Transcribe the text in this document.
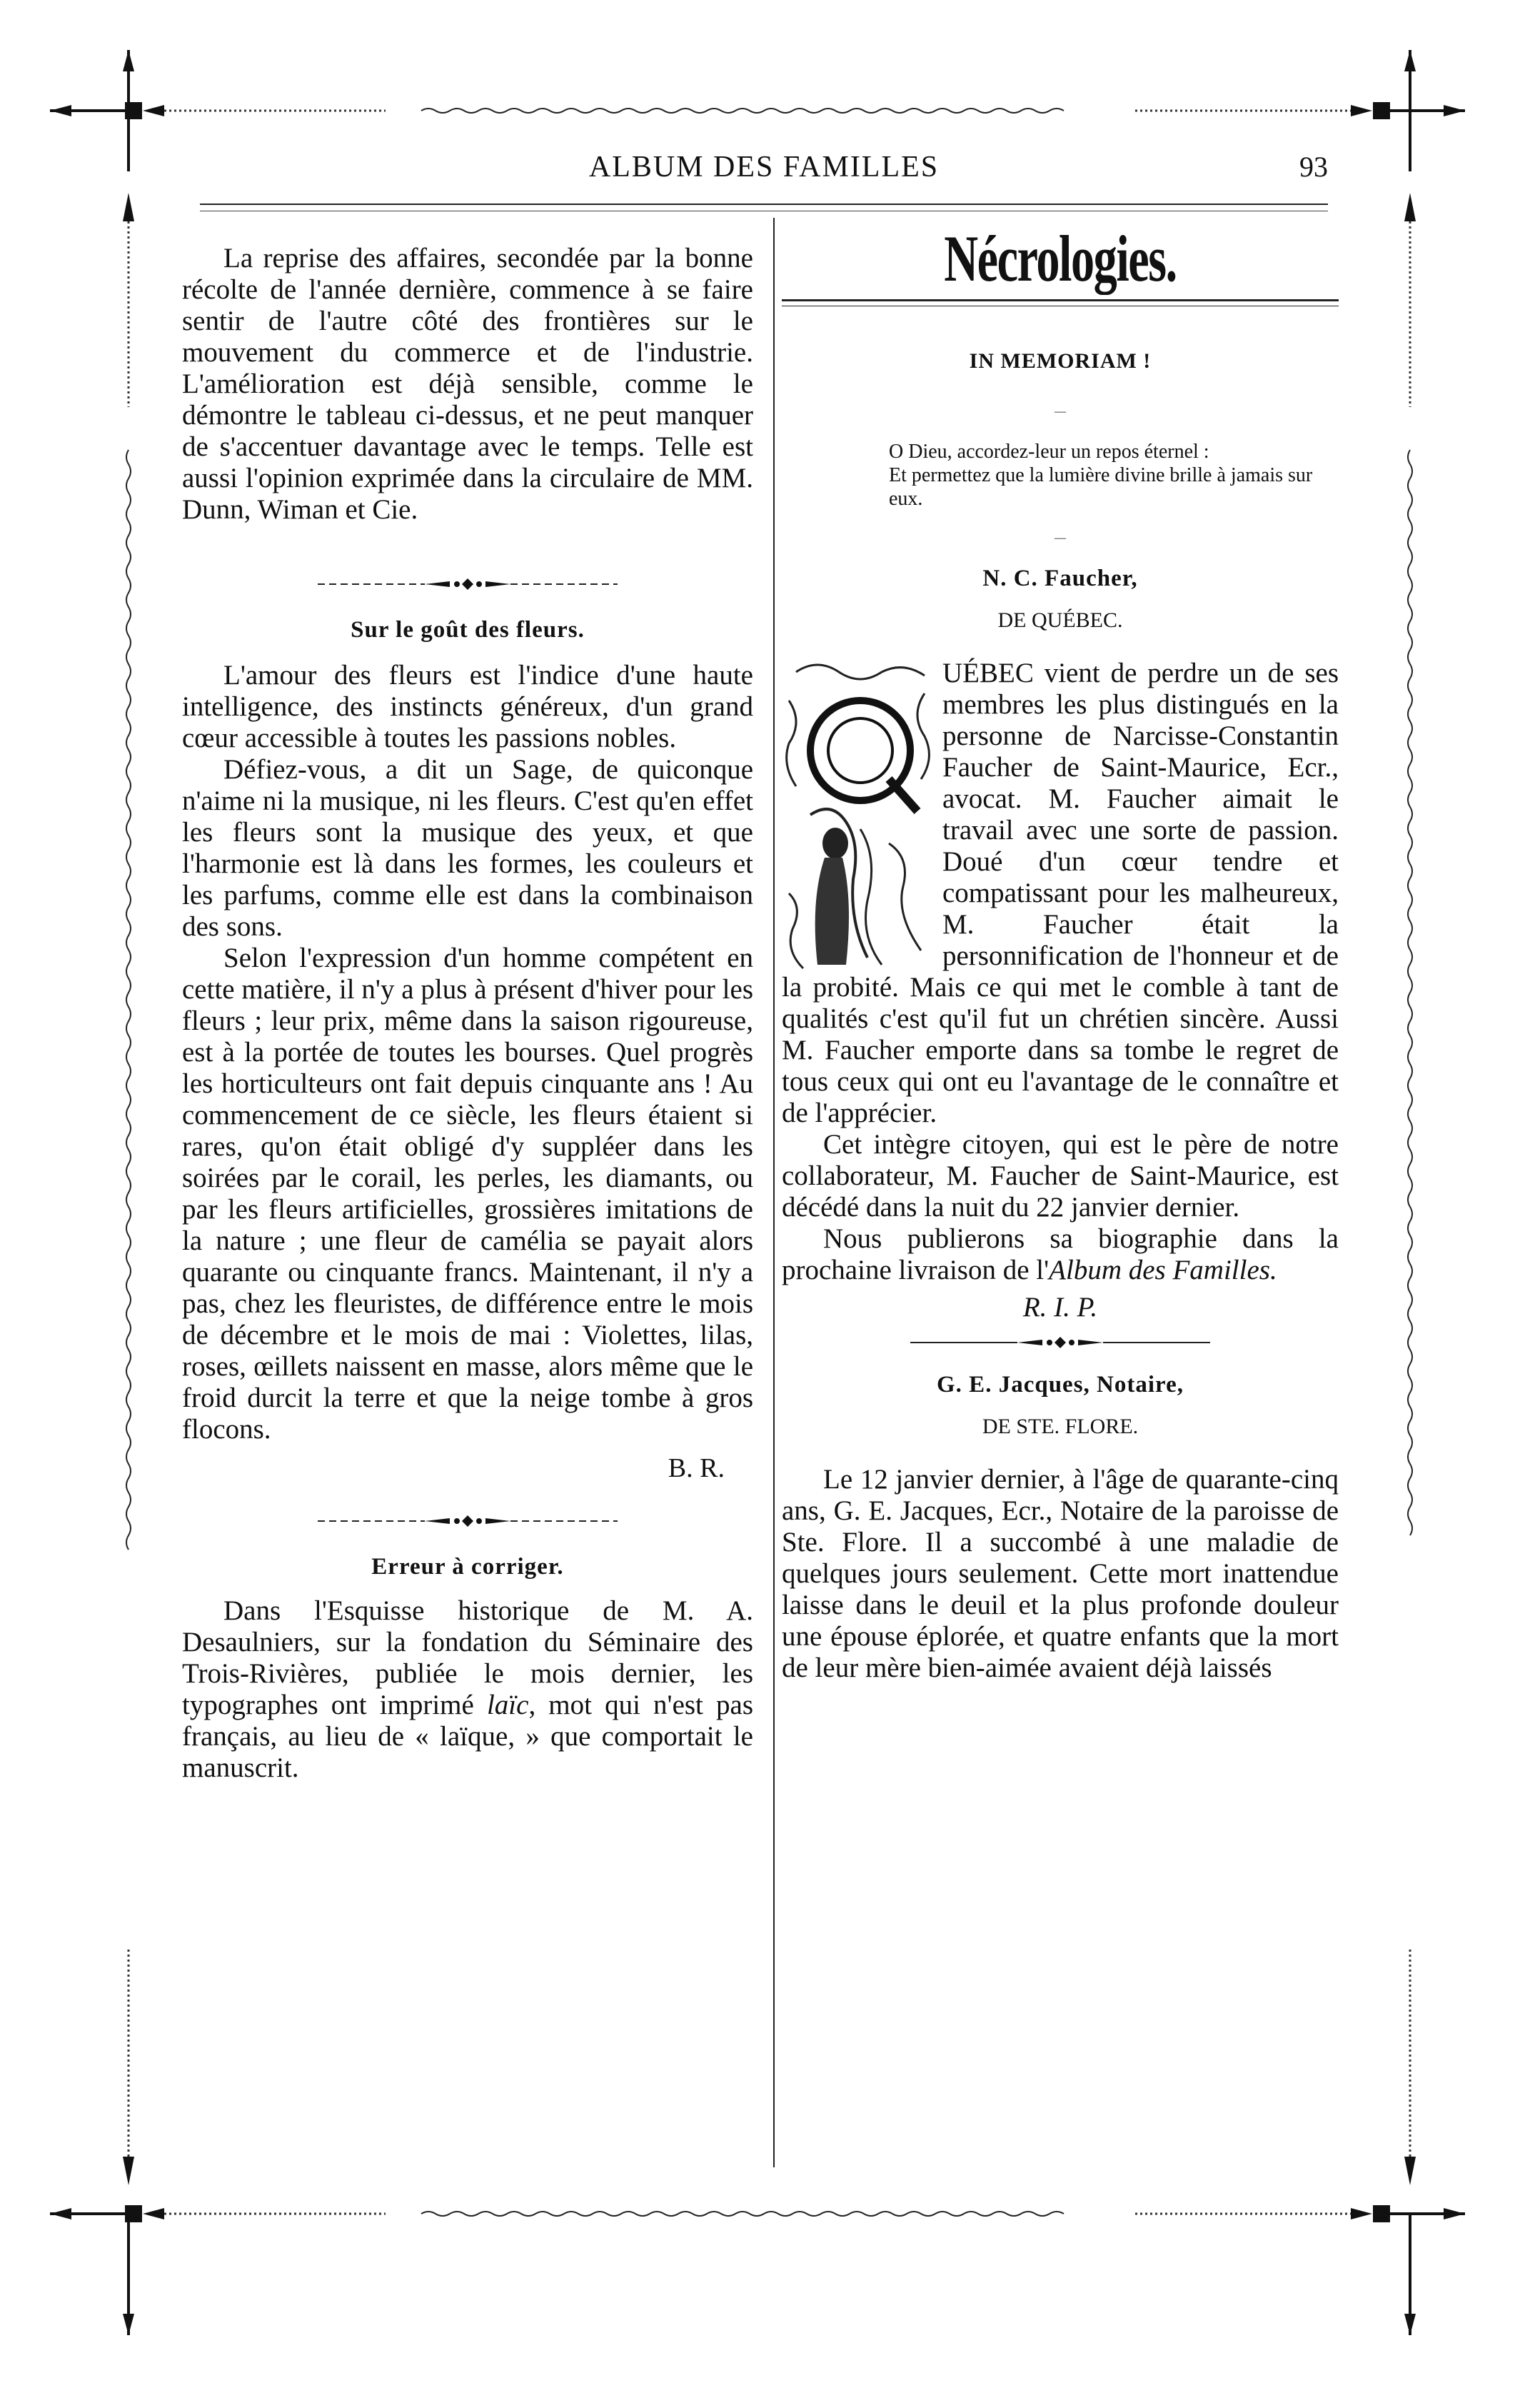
ALBUM DES FAMILLES	93

La reprise des affaires, secondée par la bonne récolte de l'année dernière, commence à se faire sentir de l'autre côté des frontières sur le mouvement du commerce et de l'industrie. L'amélioration est déjà sensible, comme le démontre le tableau ci-dessus, et ne peut manquer de s'accentuer davantage avec le temps. Telle est aussi l'opinion exprimée dans la circulaire de MM. Dunn, Wiman et Cie.

Sur le goût des fleurs.

L'amour des fleurs est l'indice d'une haute intelligence, des instincts généreux, d'un grand cœur accessible à toutes les passions nobles.

Défiez-vous, a dit un Sage, de quiconque n'aime ni la musique, ni les fleurs. C'est qu'en effet les fleurs sont la musique des yeux, et que l'harmonie est là dans les formes, les couleurs et les parfums, comme elle est dans la combinaison des sons.

Selon l'expression d'un homme compétent en cette matière, il n'y a plus à présent d'hiver pour les fleurs ; leur prix, même dans la saison rigoureuse, est à la portée de toutes les bourses. Quel progrès les horticulteurs ont fait depuis cinquante ans ! Au commencement de ce siècle, les fleurs étaient si rares, qu'on était obligé d'y suppléer dans les soirées par le corail, les perles, les diamants, ou par les fleurs artificielles, grossières imitations de la nature ; une fleur de camélia se payait alors quarante ou cinquante francs. Maintenant, il n'y a pas, chez les fleuristes, de différence entre le mois de décembre et le mois de mai : Violettes, lilas, roses, œillets naissent en masse, alors même que le froid durcit la terre et que la neige tombe à gros flocons.

B. R.

Erreur à corriger.

Dans l'Esquisse historique de M. A. Desaulniers, sur la fondation du Séminaire des Trois-Rivières, publiée le mois dernier, les typographes ont imprimé laïc, mot qui n'est pas français, au lieu de « laïque, » que comportait le manuscrit.

Nécrologies.

IN MEMORIAM !

—

O Dieu, accordez-leur un repos éternel :

Et permettez que la lumière divine brille à jamais sur eux.

—

N. C. Faucher,

DE QUÉBEC.

UÉBEC vient de perdre un de ses membres les plus distingués en la personne de Narcisse-Constantin Faucher de Saint-Maurice, Ecr., avocat. M. Faucher aimait le travail avec une sorte de passion. Doué d'un cœur tendre et compatissant pour les malheureux, M. Faucher était la personnification de l'honneur et de la probité. Mais ce qui met le comble à tant de qualités c'est qu'il fut un chrétien sincère. Aussi M. Faucher emporte dans sa tombe le regret de tous ceux qui ont eu l'avantage de le connaître et de l'apprécier.

Cet intègre citoyen, qui est le père de notre collaborateur, M. Faucher de Saint-Maurice, est décédé dans la nuit du 22 janvier dernier.

Nous publierons sa biographie dans la prochaine livraison de l'Album des Familles.

R. I. P.

G. E. Jacques, Notaire,

DE STE. FLORE.

Le 12 janvier dernier, à l'âge de quarante-cinq ans, G. E. Jacques, Ecr., Notaire de la paroisse de Ste. Flore. Il a succombé à une maladie de quelques jours seulement. Cette mort inattendue laisse dans le deuil et la plus profonde douleur une épouse éplorée, et quatre enfants que la mort de leur mère bien-aimée avaient déjà laissés
